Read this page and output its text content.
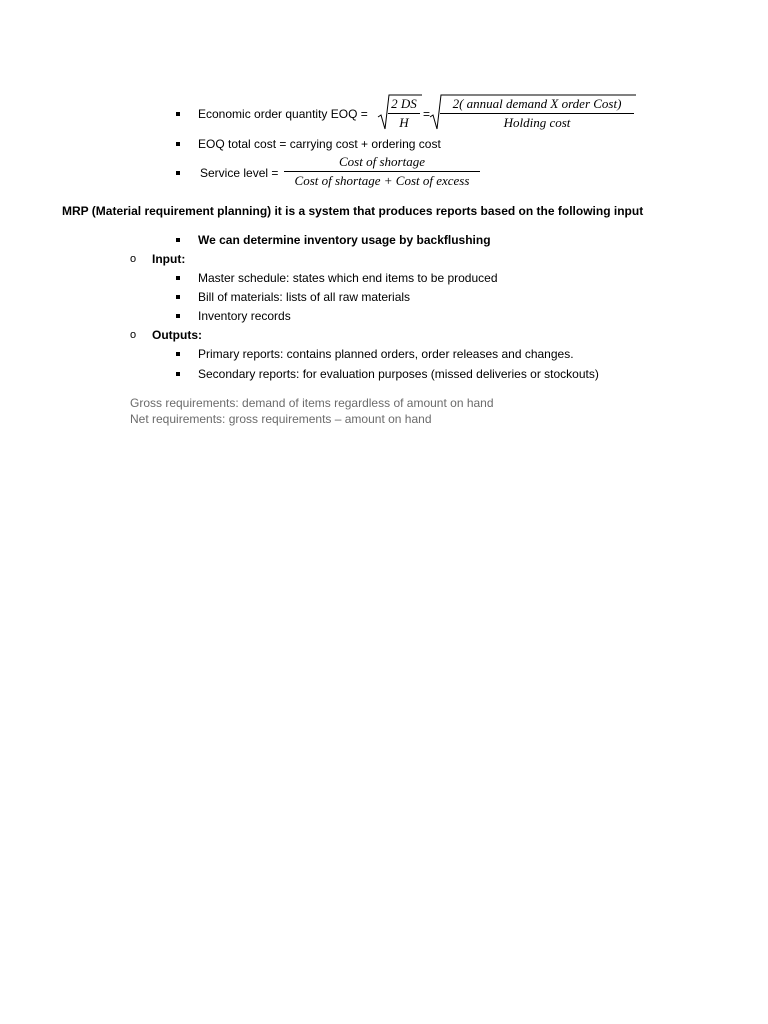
Economic order quantity EOQ =
2 DS
H
=
2( annual demand X order Cost)
Holding cost
EOQ total cost = carrying cost + ordering cost
Service level =
Cost of shortage
Cost of shortage + Cost of excess
MRP (Material requirement planning) it is a system that produces reports based on the following input
We can determine inventory usage by backflushing
o Input:
Master schedule: states which end items to be produced
Bill of materials: lists of all raw materials
Inventory records
o Outputs:
Primary reports: contains planned orders, order releases and changes.
Secondary reports: for evaluation purposes (missed deliveries or stockouts)
Gross requirements: demand of items regardless of amount on hand
Net requirements: gross requirements – amount on hand
